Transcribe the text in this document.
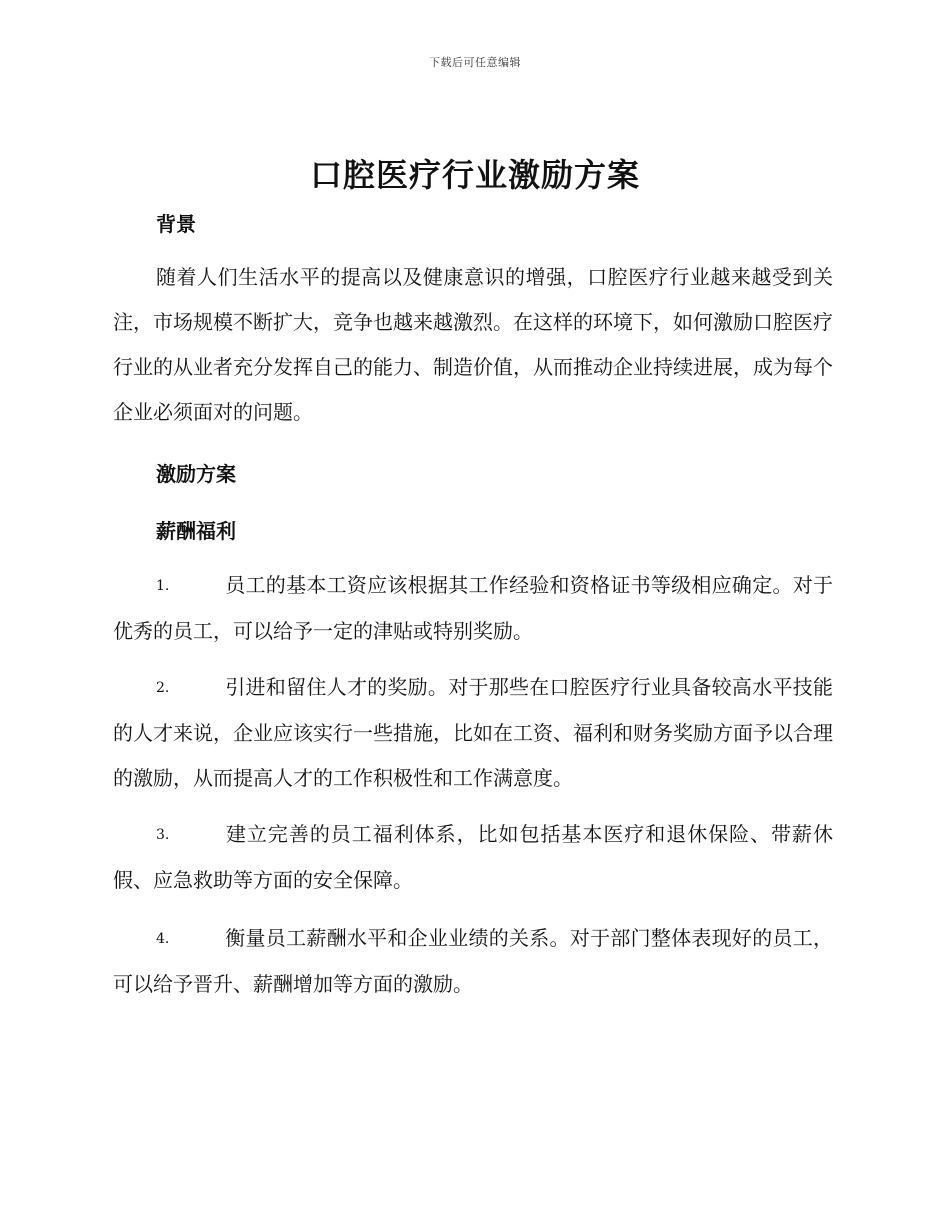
下载后可任意编辑
口腔医疗行业激励方案
背景

随着人们生活水平的提高以及健康意识的增强，口腔医疗行业越来越受到关注，市场规模不断扩大，竞争也越来越激烈。在这样的环境下，如何激励口腔医疗行业的从业者充分发挥自己的能力、制造价值，从而推动企业持续进展，成为每个企业必须面对的问题。

激励方案
薪酬福利

1.	员工的基本工资应该根据其工作经验和资格证书等级相应确定。对于优秀的员工，可以给予一定的津贴或特别奖励。

2.	引进和留住人才的奖励。对于那些在口腔医疗行业具备较高水平技能的人才来说，企业应该实行一些措施，比如在工资、福利和财务奖励方面予以合理的激励，从而提高人才的工作积极性和工作满意度。

3.	建立完善的员工福利体系，比如包括基本医疗和退休保险、带薪休假、应急救助等方面的安全保障。

4.	衡量员工薪酬水平和企业业绩的关系。对于部门整体表现好的员工，可以给予晋升、薪酬增加等方面的激励。
